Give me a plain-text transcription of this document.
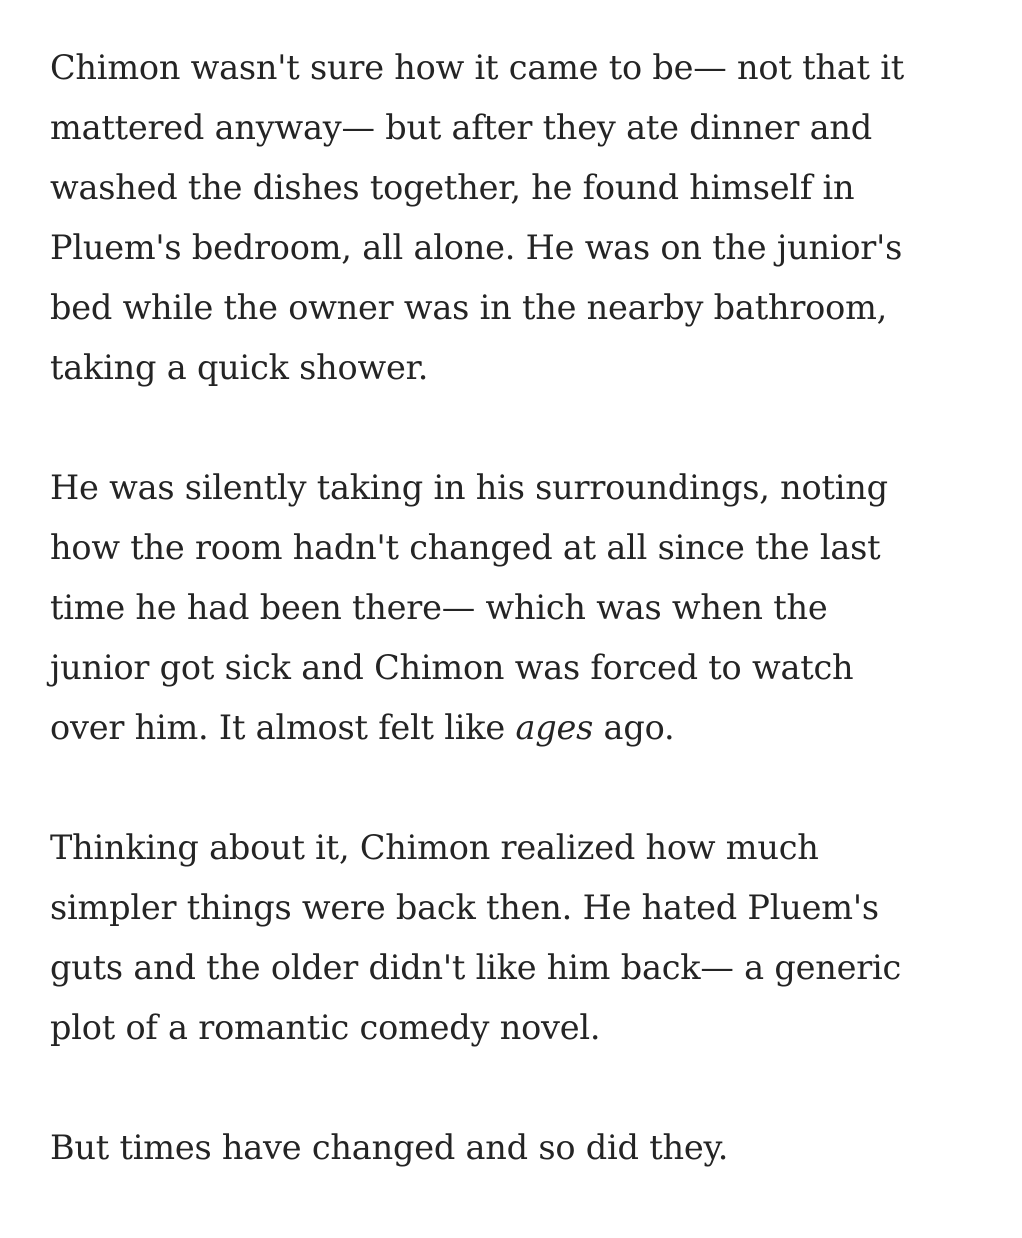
Chimon wasn't sure how it came to be— not that it
mattered anyway— but after they ate dinner and
washed the dishes together, he found himself in
Pluem's bedroom, all alone. He was on the junior's
bed while the owner was in the nearby bathroom,
taking a quick shower.

He was silently taking in his surroundings, noting
how the room hadn't changed at all since the last
time he had been there— which was when the
junior got sick and Chimon was forced to watch
over him. It almost felt like ages ago.

Thinking about it, Chimon realized how much
simpler things were back then. He hated Pluem's
guts and the older didn't like him back— a generic
plot of a romantic comedy novel.

But times have changed and so did they.
